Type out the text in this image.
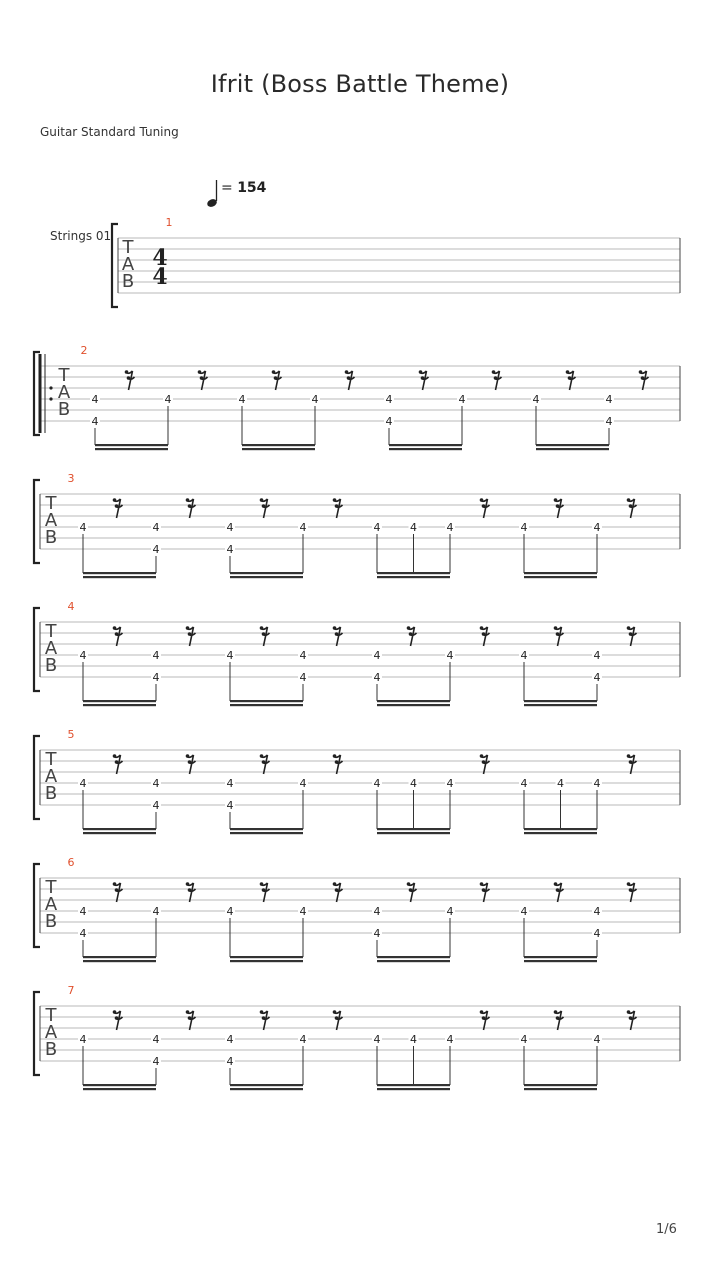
Ifrit (Boss Battle Theme)
Guitar Standard Tuning
= 154
Strings 01
1/6
1
T
A
B
4
4
2
T
A
B 4
4
4	4	4	4
4
4	4	4
4
3
T
A
B 4	4
4
4
4
4	4	4	4	4	4
4
T
A
B 4	4
4
4	4
4
4
4
4	4	4
4
5
T
A
B 4	4
4
4
4
4	4	4	4	4	4	4
6
T
A
B 4
4
4	4	4	4
4
4	4	4
4
7
T
A
B 4	4
4
4
4
4	4	4	4	4	4
